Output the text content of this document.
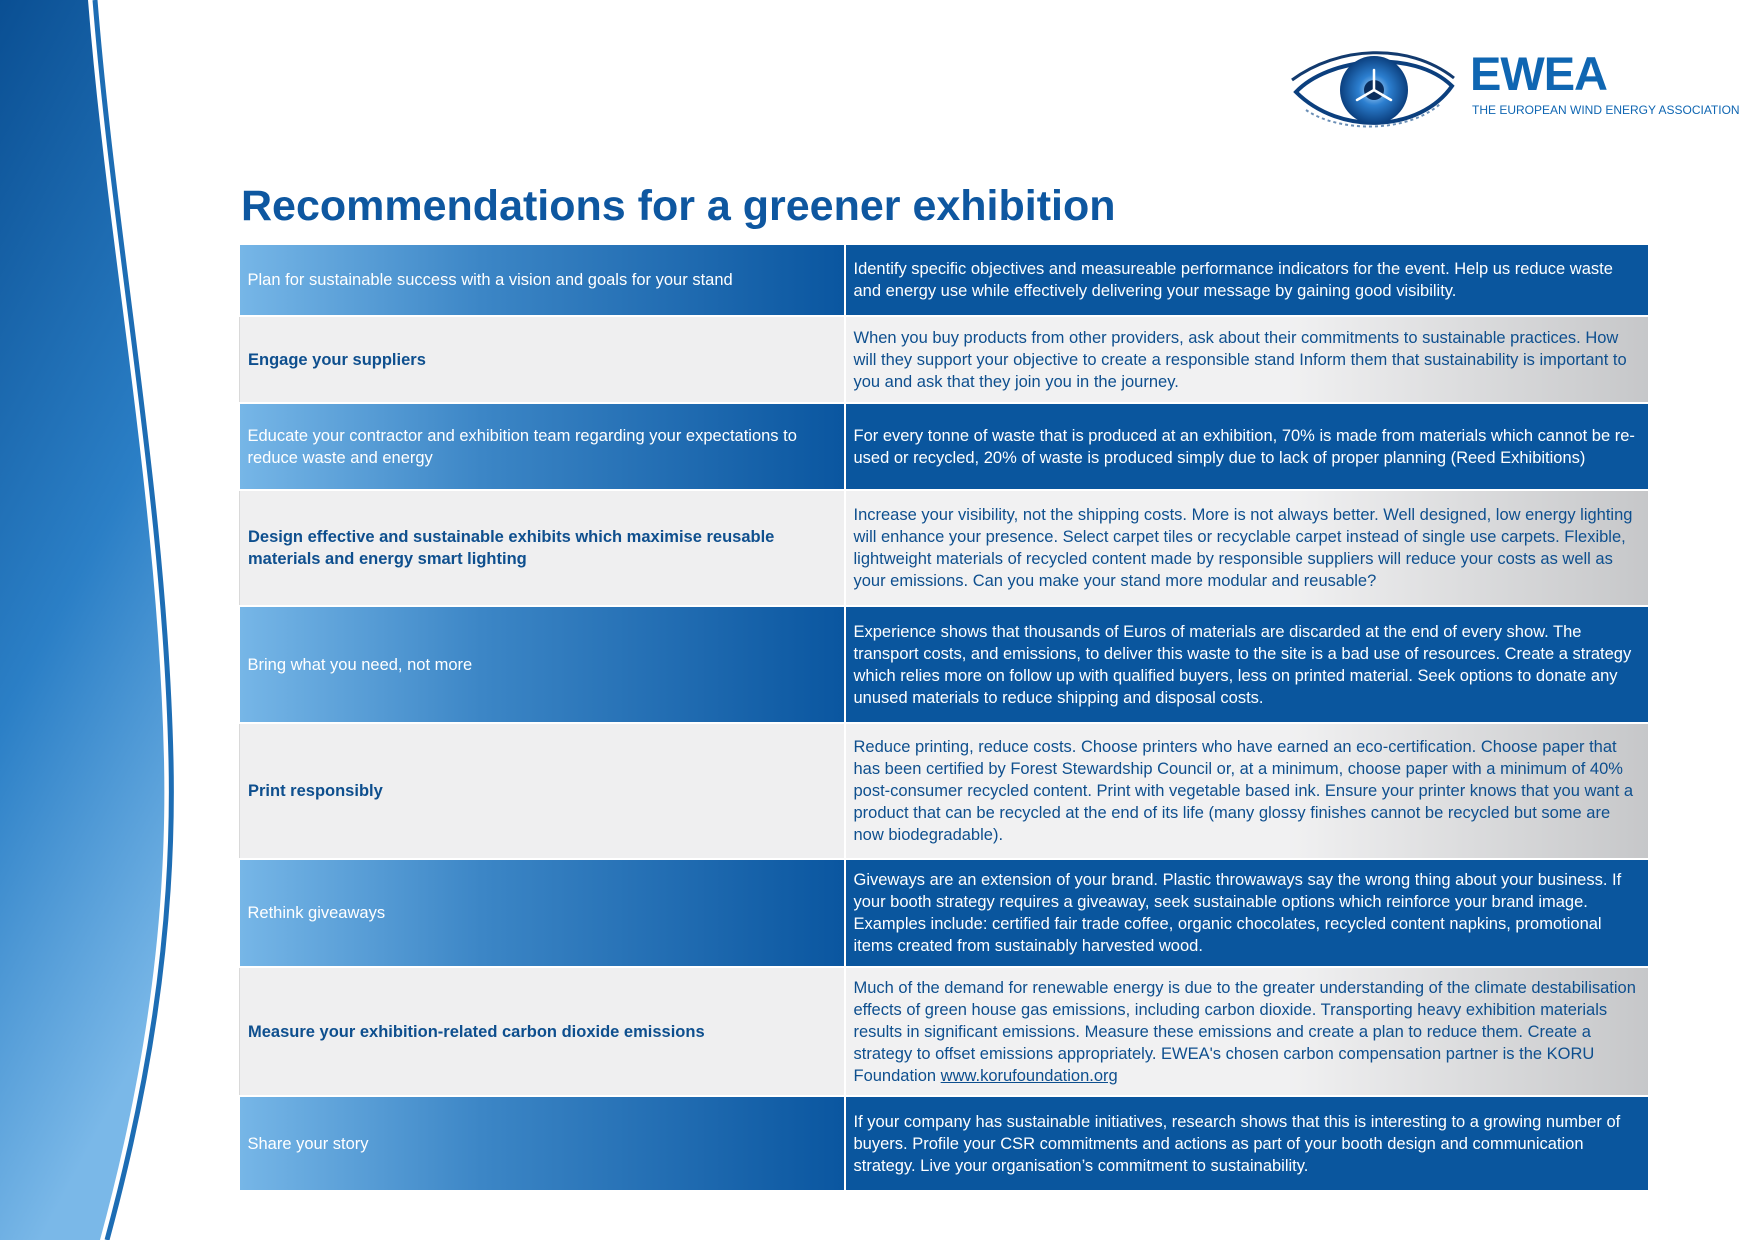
EWEA
THE EUROPEAN WIND ENERGY ASSOCIATION
Recommendations for a greener exhibition
Plan for sustainable success with a vision and goals for your stand	Identify specific objectives and measureable performance indicators for the event. Help us reduce waste and energy use while effectively delivering your message by gaining good visibility.
Engage your suppliers	When you buy products from other providers, ask about their commitments to sustainable practices. How will they support your objective to create a responsible stand Inform them that sustainability is important to you and ask that they join you in the journey.
Educate your contractor and exhibition team regarding your expectations to reduce waste and energy	For every tonne of waste that is produced at an exhibition, 70% is made from materials which cannot be re-used or recycled, 20% of waste is produced simply due to lack of proper planning (Reed Exhibitions)
Design effective and sustainable exhibits which maximise reusable materials and energy smart lighting	Increase your visibility, not the shipping costs. More is not always better. Well designed, low energy lighting will enhance your presence. Select carpet tiles or recyclable carpet instead of single use carpets. Flexible, lightweight materials of recycled content made by responsible suppliers will reduce your costs as well as your emissions. Can you make your stand more modular and reusable?
Bring what you need, not more	Experience shows that thousands of Euros of materials are discarded at the end of every show. The transport costs, and emissions, to deliver this waste to the site is a bad use of resources. Create a strategy which relies more on follow up with qualified buyers, less on printed material. Seek options to donate any unused materials to reduce shipping and disposal costs.
Print responsibly	Reduce printing, reduce costs. Choose printers who have earned an eco-certification. Choose paper that has been certified by Forest Stewardship Council or, at a minimum, choose paper with a minimum of 40% post-consumer recycled content. Print with vegetable based ink. Ensure your printer knows that you want a product that can be recycled at the end of its life (many glossy finishes cannot be recycled but some are now biodegradable).
Rethink giveaways	Giveways are an extension of your brand. Plastic throwaways say the wrong thing about your business. If your booth strategy requires a giveaway, seek sustainable options which reinforce your brand image. Examples include: certified fair trade coffee, organic chocolates, recycled content napkins, promotional items created from sustainably harvested wood.
Measure your exhibition-related carbon dioxide emissions	Much of the demand for renewable energy is due to the greater understanding of the climate destabilisation effects of green house gas emissions, including carbon dioxide. Transporting heavy exhibition materials results in significant emissions. Measure these emissions and create a plan to reduce them. Create a strategy to offset emissions appropriately. EWEA's chosen carbon compensation partner is the KORU Foundation www.korufoundation.org
Share your story	If your company has sustainable initiatives, research shows that this is interesting to a growing number of buyers. Profile your CSR commitments and actions as part of your booth design and communication strategy. Live your organisation’s commitment to sustainability.
